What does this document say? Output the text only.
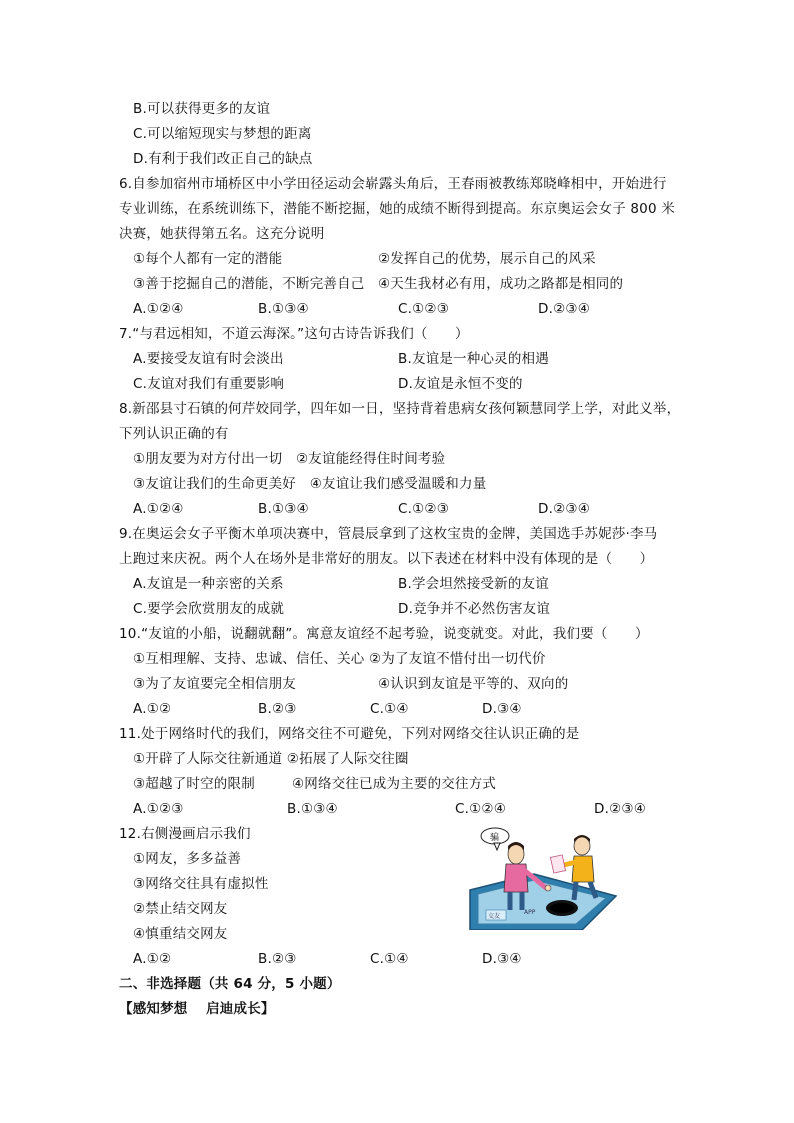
B.可以获得更多的友谊
C.可以缩短现实与梦想的距离
D.有利于我们改正自己的缺点
6.自参加宿州市埇桥区中小学田径运动会崭露头角后，王春雨被教练郑晓峰相中，开始进行
专业训练，在系统训练下，潜能不断挖掘，她的成绩不断得到提高。东京奥运会女子 800 米
决赛，她获得第五名。这充分说明
①每个人都有一定的潜能	②发挥自己的优势，展示自己的风采
③善于挖掘自己的潜能，不断完善自己 ④天生我材必有用，成功之路都是相同的
A.①②④	B.①③④	C.①②③	D.②③④
7.“与君远相知，不道云海深。”这句古诗告诉我们（　　）
A.要接受友谊有时会淡出	B.友谊是一种心灵的相遇
C.友谊对我们有重要影响	D.友谊是永恒不变的
8.新邵县寸石镇的何芹姣同学，四年如一日，坚持背着患病女孩何颖慧同学上学，对此义举，
下列认识正确的有
①朋友要为对方付出一切　②友谊能经得住时间考验
③友谊让我们的生命更美好　④友谊让我们感受温暖和力量
A.①②④	B.①③④	C.①②③	D.②③④
9.在奥运会女子平衡木单项决赛中，管晨辰拿到了这枚宝贵的金牌，美国选手苏妮莎·李马
上跑过来庆祝。两个人在场外是非常好的朋友。以下表述在材料中没有体现的是（　　）
A.友谊是一种亲密的关系	B.学会坦然接受新的友谊
C.要学会欣赏朋友的成就	D.竞争并不必然伤害友谊
10.“友谊的小船，说翻就翻”。寓意友谊经不起考验，说变就变。对此，我们要（　　）
①互相理解、支持、忠诚、信任、关心 ②为了友谊不惜付出一切代价
③为了友谊要完全相信朋友	④认识到友谊是平等的、双向的
A.①②	B.②③	C.①④	D.③④
11.处于网络时代的我们，网络交往不可避免，下列对网络交往认识正确的是
①开辟了人际交往新通道 ②拓展了人际交往圈
③超越了时空的限制	④网络交往已成为主要的交往方式
A.①②③	B.①③④	C.①②④	D.②③④
12.右侧漫画启示我们
①网友，多多益善
③网络交往具有虚拟性
②禁止结交网友
④慎重结交网友
A.①②	B.②③	C.①④	D.③④
交友
APP
骗
二、非选择题（共 64 分，5 小题）
【感知梦想　 启迪成长】
